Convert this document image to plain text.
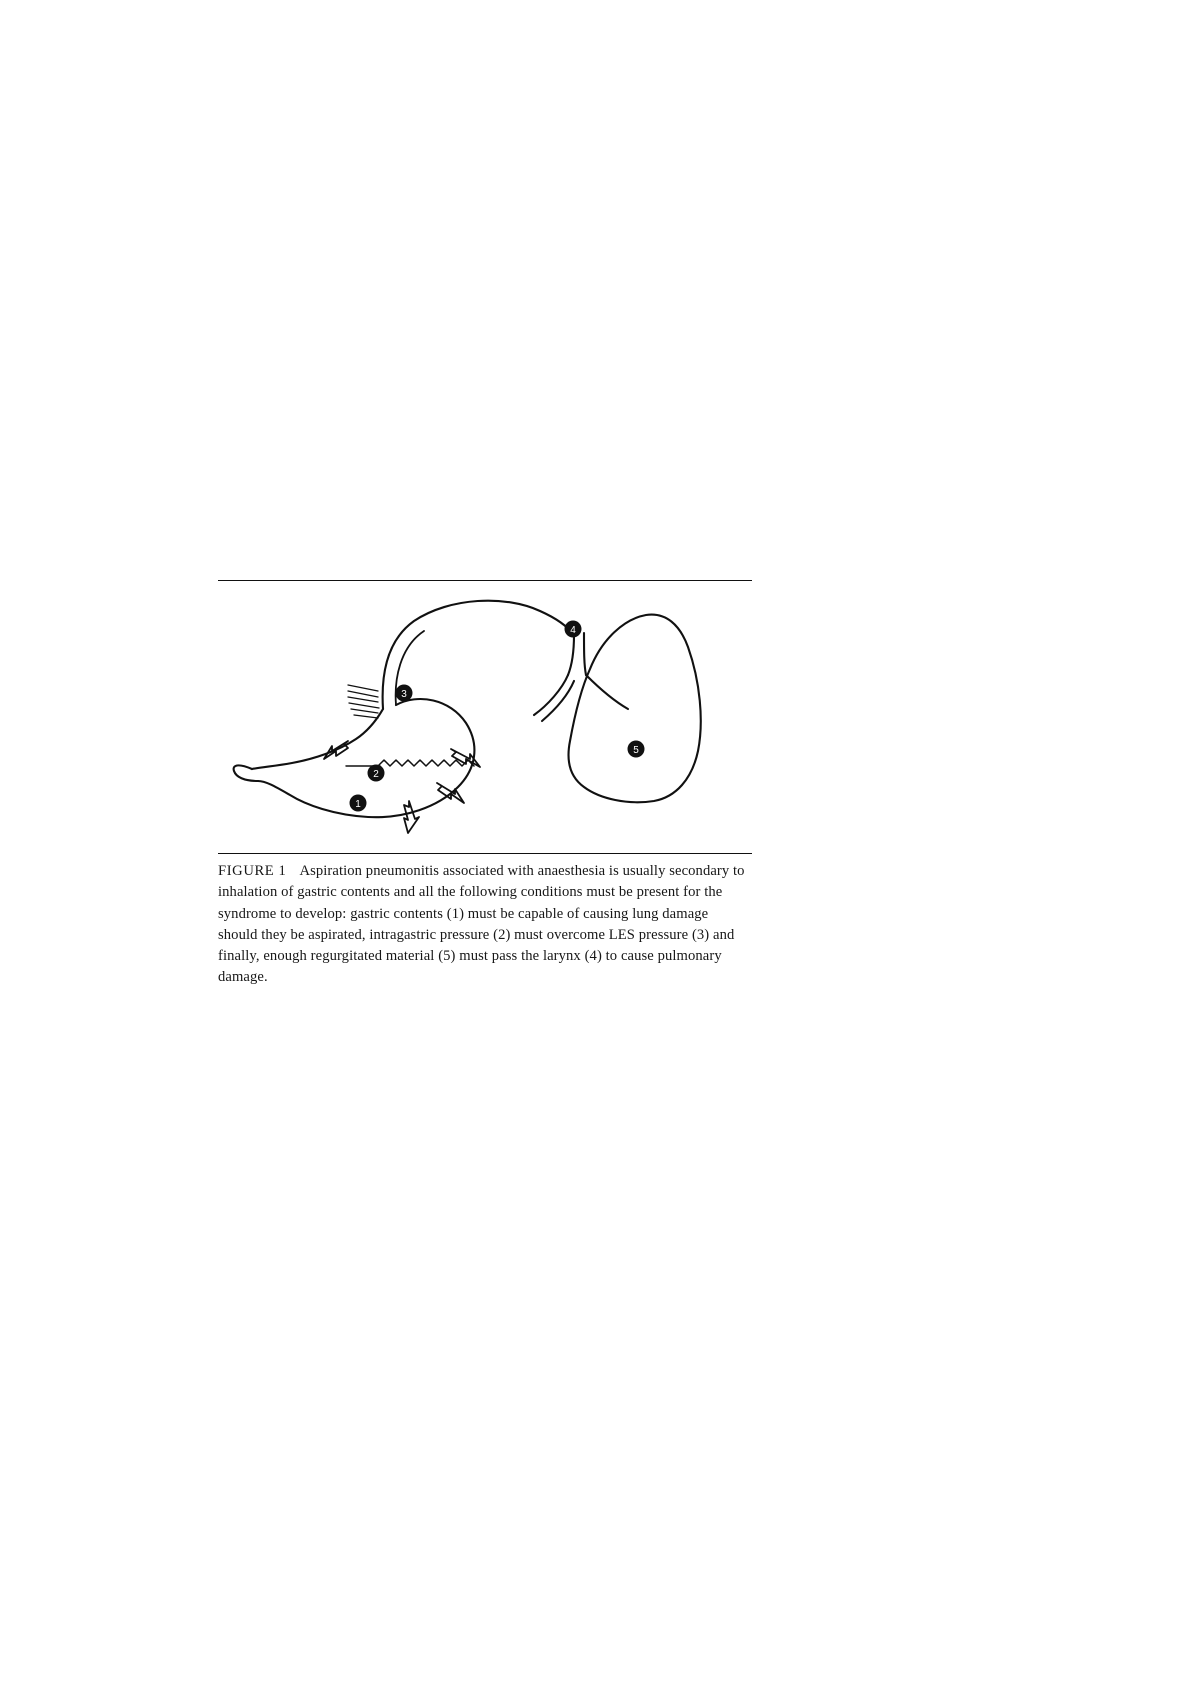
1
2
3
4
5
FIGURE 1 Aspiration pneumonitis associated with anaesthesia is usually secondary to inhalation of gastric contents and all the following conditions must be present for the syndrome to develop: gastric contents (1) must be capable of causing lung damage should they be aspirated, intragastric pressure (2) must overcome LES pressure (3) and finally, enough regurgitated material (5) must pass the larynx (4) to cause pulmonary damage.
